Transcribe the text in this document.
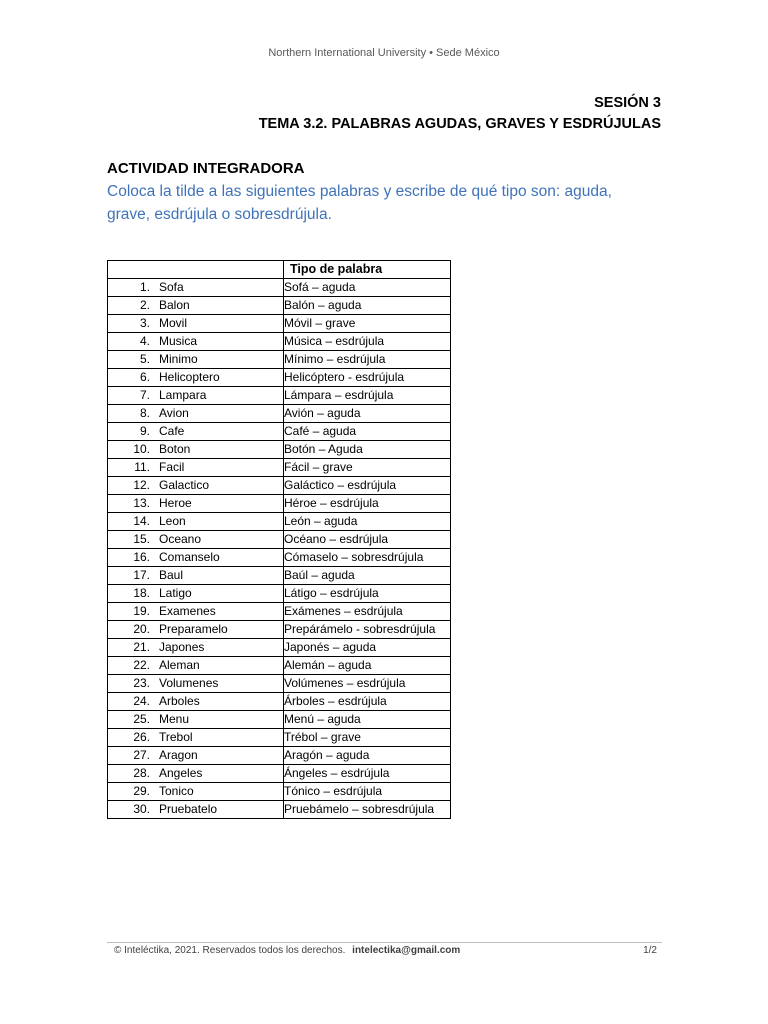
Northern International University • Sede México
SESIÓN 3
TEMA 3.2. PALABRAS AGUDAS, GRAVES Y ESDRÚJULAS
ACTIVIDAD INTEGRADORA
Coloca la tilde a las siguientes palabras y escribe de qué tipo son: aguda, grave, esdrújula o sobresdrújula.
	Tipo de palabra
1. Sofa	Sofá – aguda
2. Balon	Balón – aguda
3. Movil	Móvil – grave
4. Musica	Música – esdrújula
5. Minimo	Mínimo – esdrújula
6. Helicoptero	Helicóptero - esdrújula
7. Lampara	Lámpara – esdrújula
8. Avion	Avión – aguda
9. Cafe	Café – aguda
10. Boton	Botón – Aguda
11. Facil	Fácil – grave
12. Galactico	Galáctico – esdrújula
13. Heroe	Héroe – esdrújula
14. Leon	León – aguda
15. Oceano	Océano – esdrújula
16. Comanselo	Cómaselo – sobresdrújula
17. Baul	Baúl – aguda
18. Latigo	Látigo – esdrújula
19. Examenes	Exámenes – esdrújula
20. Preparamelo	Prepárámelo - sobresdrújula
21. Japones	Japonés – aguda
22. Aleman	Alemán – aguda
23. Volumenes	Volúmenes – esdrújula
24. Arboles	Árboles – esdrújula
25. Menu	Menú – aguda
26. Trebol	Trébol – grave
27. Aragon	Aragón – aguda
28. Angeles	Ángeles – esdrújula
29. Tonico	Tónico – esdrújula
30. Pruebatelo	Pruebámelo – sobresdrújula
© Inteléctika, 2021. Reservados todos los derechos. intelectika@gmail.com	1/2
